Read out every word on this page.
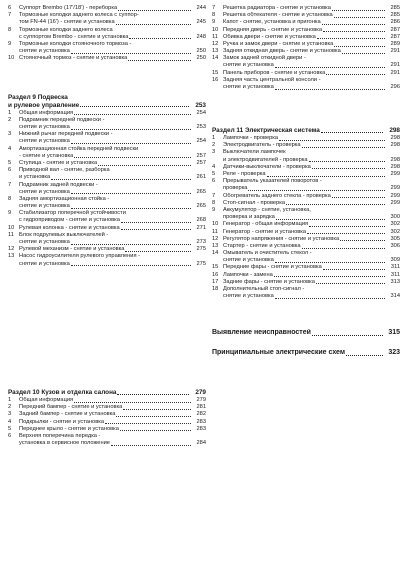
6	Суппорт Brembo (17'/18') - переборка	244
7	Тормозные колодки заднего колеса с суппор-
том FN-44 (16') - снятие и установка	245
8	Тормозные колодки заднего колеса
с суппортом Brembo - снятие и установка	248
9	Тормозные колодки стояночного тормоза -
снятие и установка	250
10 Стояночный тормоз - снятие и установка	250
Раздел 9 Подвеска
и рулевое управление	253
1	Общая информация	254
2	Подрамник передней подвески -
снятие и установка	253
3	Нижний рычаг передней подвески -
снятие и установка	254
4	Амортизационная стойка передней подвески
- снятие и установка	257
5	Ступица - снятие и установка	257
6	Приводной вал - снятие, разборка
и установка	261
7	Подрамник задней подвески -
снятие и установка	265
8	Задняя амортизационная стойка -
снятие и установка	265
9	Стабилизатор поперечной устойчивости
с гидроприводом - снятие и установка	268
10 Рулевая колонка - снятие и установка	271
11 Блок подрулевых выключателей -
снятие и установка	273
12 Рулевой механизм - снятие и установка	275
13 Насос гидроусилителя рулевого управления -
снятие и установка	275
Раздел 10 Кузов и отделка салона	279
1	Общая информация	279
2	Передний бампер - снятие и установка	281
3	Задний бампер - снятие и установка	282
4	Подкрылки - снятие и установка	283
5	Переднее крыло - снятие и установка	283
6	Верхняя поперечина передка -
установка в сервисное положение	284
7	Решетка радиатора - снятие и установка	285
8	Решетка обтекателя - снятие и установка	285
9	Капот - снятие, установка и пригонка	286
10 Передняя дверь - снятие и установка	287
11 Обивка двери - снятие и установка	287
12 Ручка и замок двери - снятие и установка	289
13 Задняя откидная дверь - снятие и установка	291
14 Замок задней откидной двери -
снятие и установка	291
15 Панель приборов - снятие и установка	291
16 Задняя часть центральной консоли -
снятие и установка	296
Раздел 11 Электрическая система	298
1	Лампочки - проверка	298
2	Электродвигатель - проверка	298
3	Выключатели лампочек
и электродвигателей - проверка	298
4	Датчики-выключатели - проверка	298
5	Реле - проверка	299
6	Прерыватель указателей поворотов -
проверка	299
7	Обогреватель заднего стекла - проверка	299
8	Стоп-сигнал - проверка	299
9	Аккумулятор - снятие, установка,
проверка и зарядка	300
10 Генератор - общая информация	302
11 Генератор - снятие и установка	302
12 Регулятор напряжения - снятие и установка	305
13 Стартер - снятие и установка	306
14 Омыватель и очиститель стекол -
снятие и установка	309
15 Передние фары - снятие и установка	311
16 Лампочки - замена	311
17 Задние фары - снятие и установка	313
18 Дополнительный стоп-сигнал -
снятие и установка	314
Выявление неисправностей	315
Принципиальные электрические схем	323
